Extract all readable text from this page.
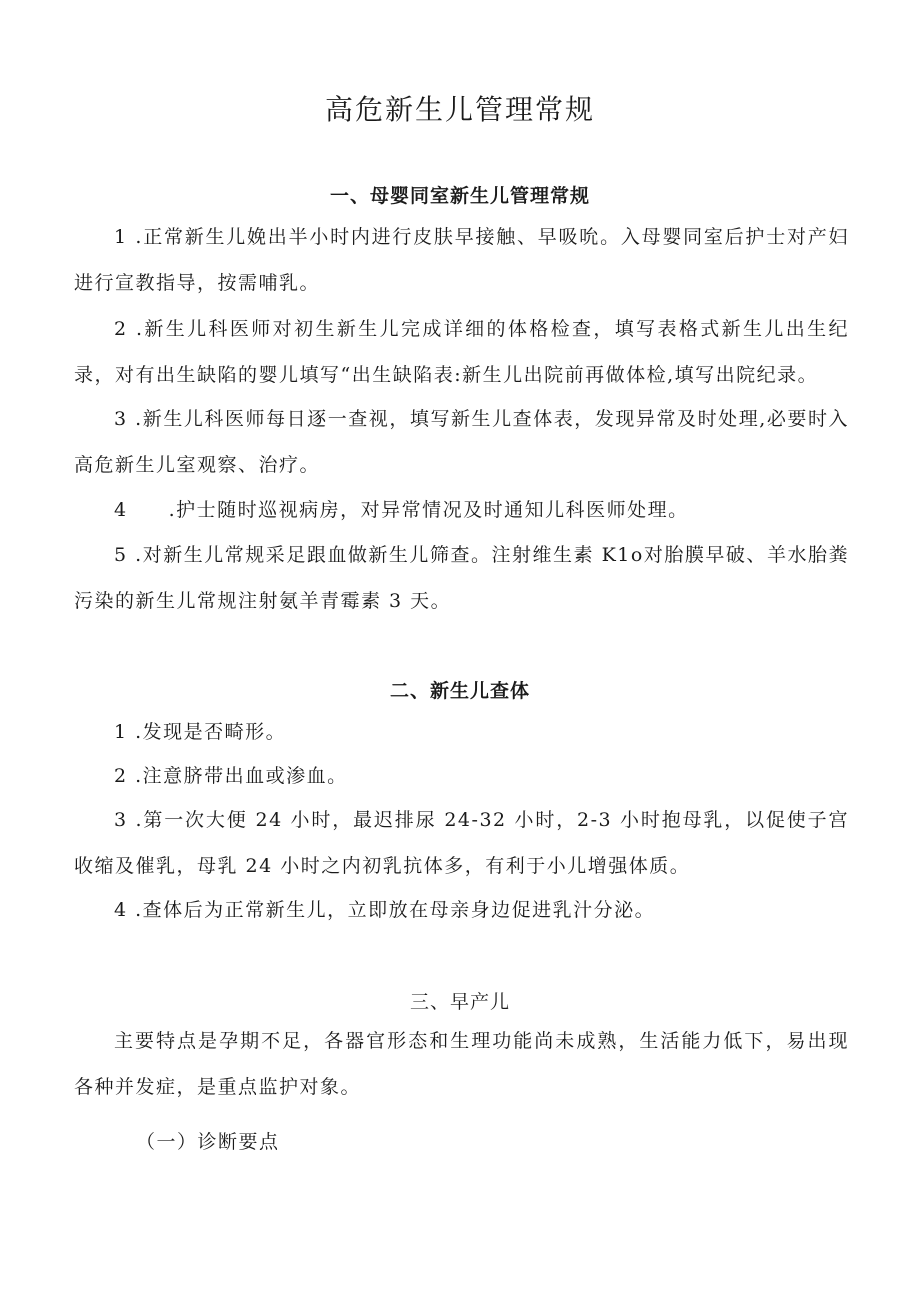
高危新生儿管理常规
一、母婴同室新生儿管理常规

1 .正常新生儿娩出半小时内进行皮肤早接触、早吸吮。入母婴同室后护士对产妇进行宣教指导，按需哺乳。

2 .新生儿科医师对初生新生儿完成详细的体格检查，填写表格式新生儿出生纪录，对有出生缺陷的婴儿填写“出生缺陷表:新生儿出院前再做体检,填写出院纪录。

3 .新生儿科医师每日逐一查视，填写新生儿查体表，发现异常及时处理,必要时入高危新生儿室观察、治疗。

4　　.护士随时巡视病房，对异常情况及时通知儿科医师处理。

5 .对新生儿常规采足跟血做新生儿筛查。注射维生素 K1o对胎膜早破、羊水胎粪污染的新生儿常规注射氨羊青霉素 3 天。

二、新生儿查体

1 .发现是否畸形。

2 .注意脐带出血或渗血。

3 .第一次大便 24 小时，最迟排尿 24-32 小时，2-3 小时抱母乳，以促使子宫收缩及催乳，母乳 24 小时之内初乳抗体多，有利于小儿增强体质。

4 .查体后为正常新生儿，立即放在母亲身边促进乳汁分泌。

三、早产儿

主要特点是孕期不足，各器官形态和生理功能尚未成熟，生活能力低下，易出现各种并发症，是重点监护对象。

（一）诊断要点
